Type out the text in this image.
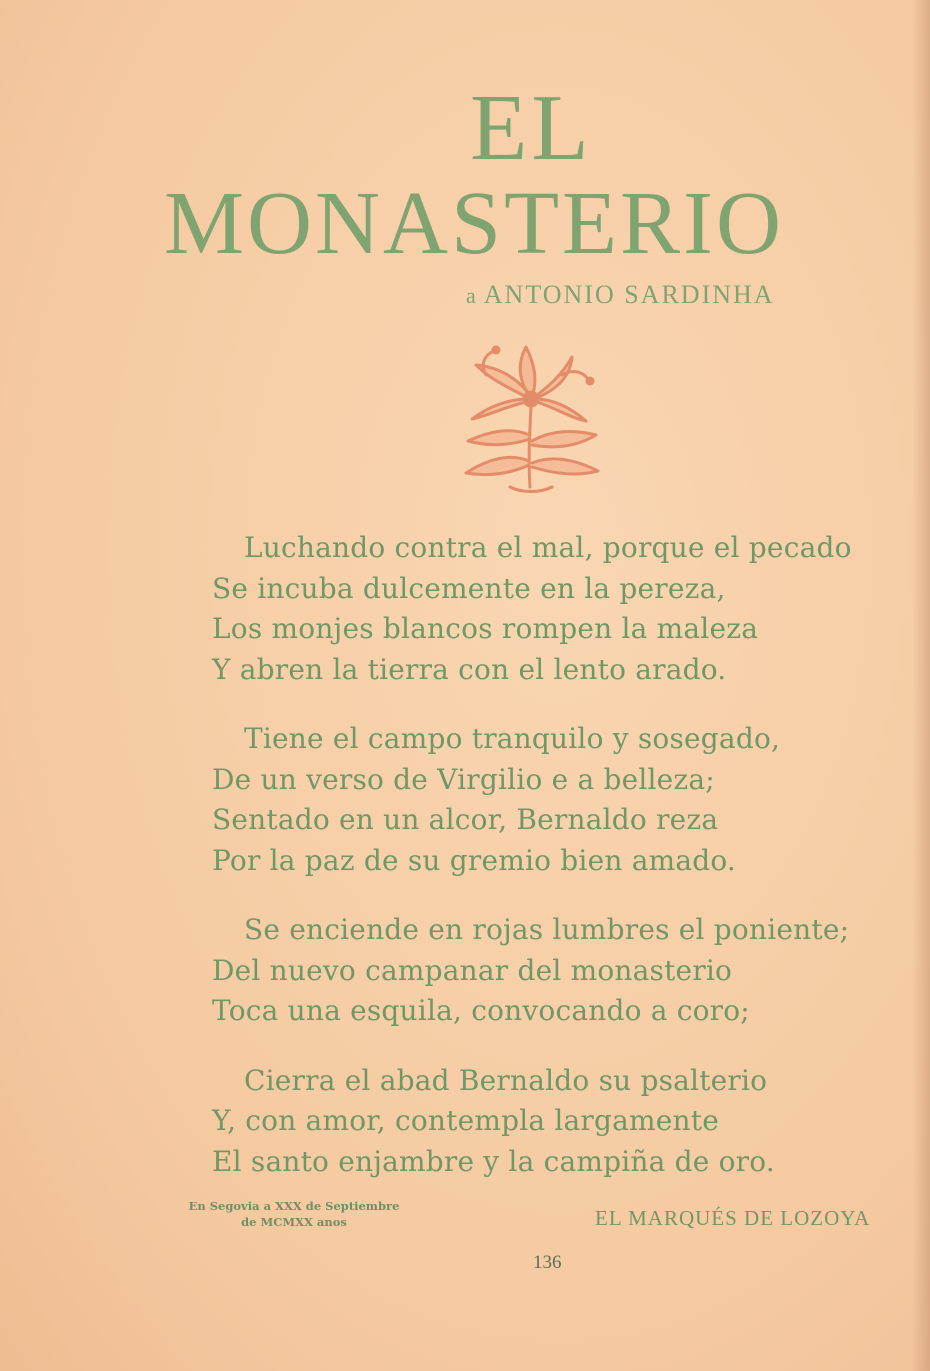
EL
MONASTERIO
a ANTONIO SARDINHA
Luchando contra el mal, porque el pecado
Se incuba dulcemente en la pereza,
Los monjes blancos rompen la maleza
Y abren la tierra con el lento arado.
Tiene el campo tranquilo y sosegado,
De un verso de Virgilio e a belleza;
Sentado en un alcor, Bernaldo reza
Por la paz de su gremio bien amado.
Se enciende en rojas lumbres el poniente;
Del nuevo campanar del monasterio
Toca una esquila, convocando a coro;
Cierra el abad Bernaldo su psalterio
Y, con amor, contempla largamente
El santo enjambre y la campiña de oro.
En Segovia a XXX de Septiembre
de MCMXX anos	EL MARQUÉS DE LOZOYA
136
